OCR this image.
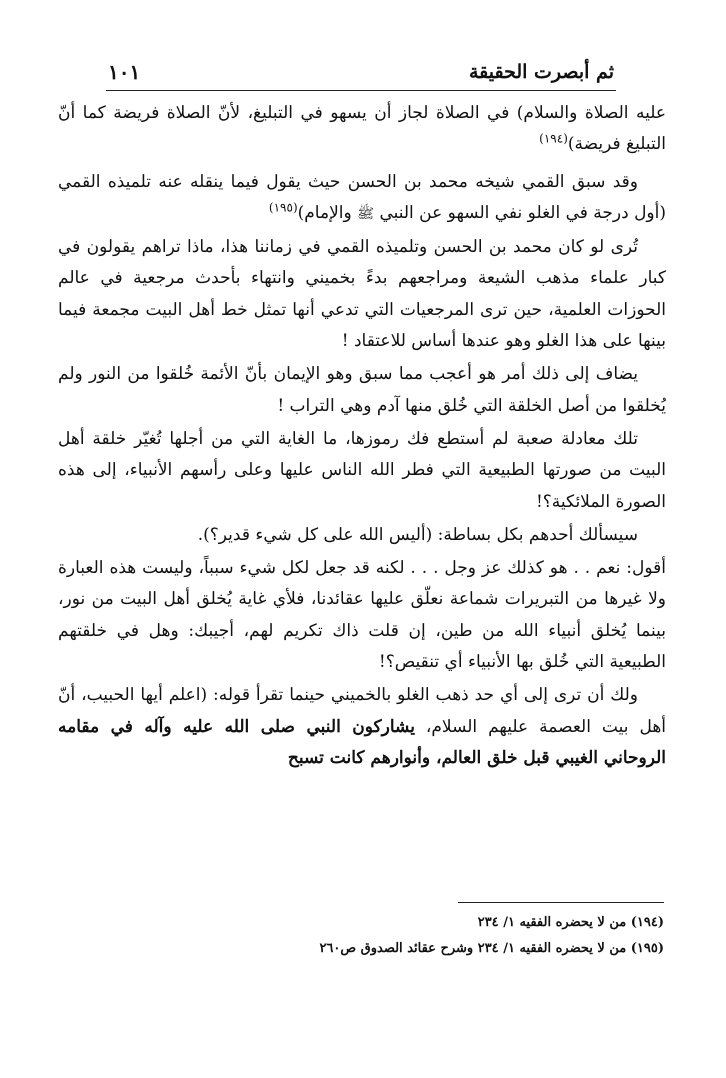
ثم أبصرت الحقيقة
١٠١
عليه الصلاة والسلام) في الصلاة لجاز أن يسهو في التبليغ، لأنّ الصلاة فريضة كما أنّ التبليغ فريضة)$^{(١٩٤)}$
وقد سبق القمي شيخه محمد بن الحسن حيث يقول فيما ينقله عنه تلميذه القمي (أول درجة في الغلو نفي السهو عن النبي ﷺ والإمام)$^{(١٩٥)}$
تُرى لو كان محمد بن الحسن وتلميذه القمي في زماننا هذا، ماذا تراهم يقولون في كبار علماء مذهب الشيعة ومراجعهم بدءً بخميني وانتهاء بأحدث مرجعية في عالم الحوزات العلمية، حين ترى المرجعيات التي تدعي أنها تمثل خط أهل البيت مجمعة فيما بينها على هذا الغلو وهو عندها أساس للاعتقاد !
يضاف إلى ذلك أمر هو أعجب مما سبق وهو الإيمان بأنّ الأئمة خُلقوا من النور ولم يُخلقوا من أصل الخلقة التي خُلق منها آدم وهي التراب !
تلك معادلة صعبة لم أستطع فك رموزها، ما الغاية التي من أجلها تُغيّر خلقة أهل البيت من صورتها الطبيعية التي فطر الله الناس عليها وعلى رأسهم الأنبياء، إلى هذه الصورة الملائكية؟!
سيسألك أحدهم بكل بساطة: (أليس الله على كل شيء قدير؟).
أقول: نعم . . هو كذلك عز وجل . . . لكنه قد جعل لكل شيء سبباً، وليست هذه العبارة ولا غيرها من التبريرات شماعة نعلّق عليها عقائدنا، فلأي غاية يُخلق أهل البيت من نور، بينما يُخلق أنبياء الله من طين، إن قلت ذاك تكريم لهم، أجيبك: وهل في خلقتهم الطبيعية التي خُلق بها الأنبياء أي تنقيص؟!
ولك أن ترى إلى أي حد ذهب الغلو بالخميني حينما تقرأ قوله: (اعلم أيها الحبيب، أنّ أهل بيت العصمة عليهم السلام، يشاركون النبي صلى الله عليه وآله في مقامه الروحاني الغيبي قبل خلق العالم، وأنوارهم كانت تسبح

(١٩٤) من لا يحضره الفقيه ١/ ٢٣٤

(١٩٥) من لا يحضره الفقيه ١/ ٢٣٤ وشرح عقائد الصدوق ص٢٦٠
